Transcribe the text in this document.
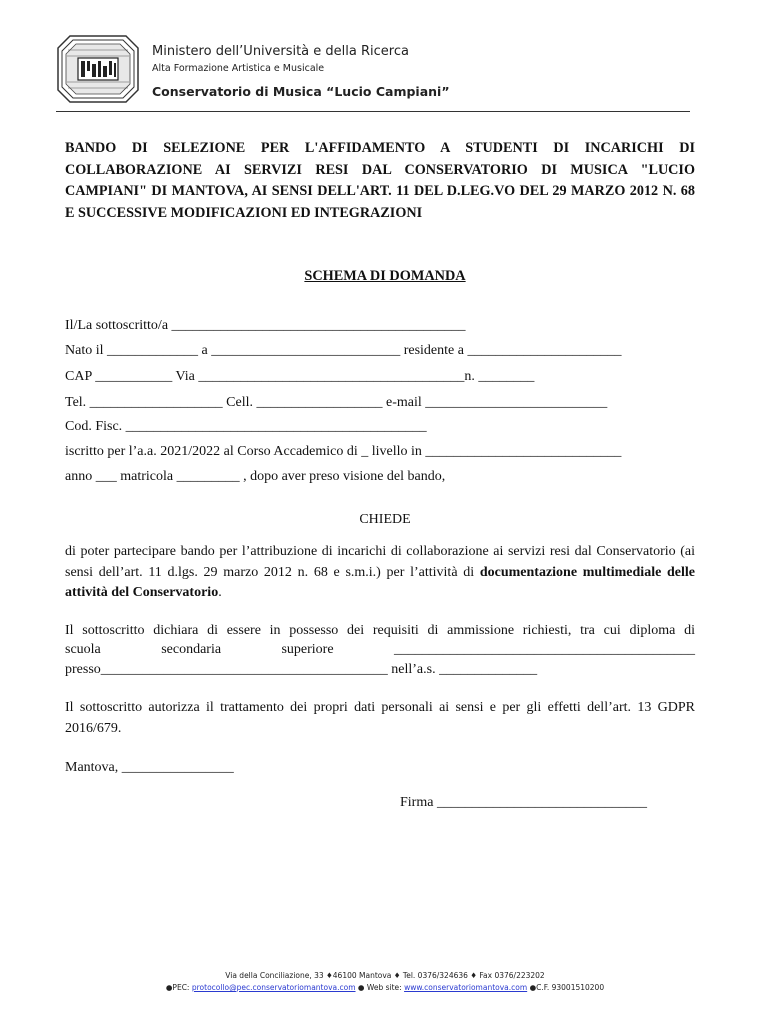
Ministero dell’Università e della Ricerca
Alta Formazione Artistica e Musicale
Conservatorio di Musica “Lucio Campiani”
BANDO DI SELEZIONE PER L'AFFIDAMENTO A STUDENTI DI INCARICHI DI COLLABORAZIONE AI SERVIZI RESI DAL CONSERVATORIO DI MUSICA "LUCIO CAMPIANI" DI MANTOVA, AI SENSI DELL'ART. 11 DEL D.LEG.VO DEL 29 MARZO 2012 N. 68 E SUCCESSIVE MODIFICAZIONI ED INTEGRAZIONI
SCHEMA DI DOMANDA
Il/La sottoscritto/a __________________________________________
Nato il _____________ a ___________________________ residente a ______________________
CAP ___________ Via ______________________________________n. ________
Tel. ___________________ Cell. __________________ e-mail __________________________
Cod. Fisc. ___________________________________________
iscritto per l’a.a. 2021/2022 al Corso Accademico di _ livello in ____________________________
anno ___ matricola _________ , dopo aver preso visione del bando,
CHIEDE
di poter partecipare bando per l’attribuzione di incarichi di collaborazione ai servizi resi dal Conservatorio (ai sensi dell’art. 11 d.lgs. 29 marzo 2012 n. 68 e s.m.i.) per l’attività di documentazione multimediale delle attività del Conservatorio.
Il sottoscritto dichiara di essere in possesso dei requisiti di ammissione richiesti, tra cui diploma di
scuola	secondaria	superiore	___________________________________________
presso_________________________________________ nell’a.s. ______________
Il sottoscritto autorizza il trattamento dei propri dati personali ai sensi e per gli effetti dell’art. 13 GDPR 2016/679.
Mantova, ________________
Firma ______________________________
Via della Conciliazione, 33 ♦46100 Mantova ♦ Tel. 0376/324636 ♦ Fax 0376/223202
●PEC: protocollo@pec.conservatoriomantova.com ● Web site: www.conservatoriomantova.com ●C.F. 93001510200
